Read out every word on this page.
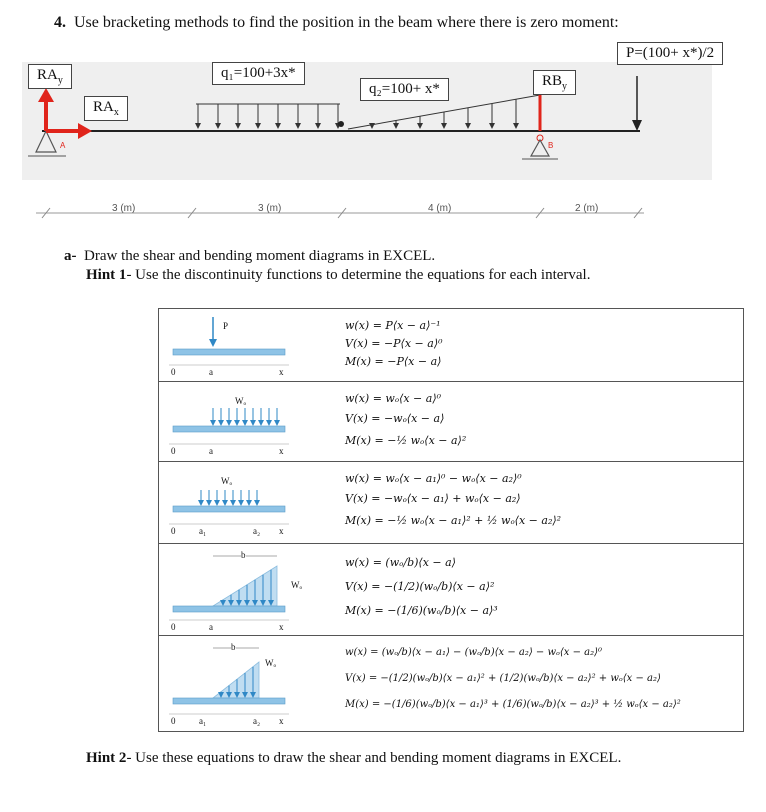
4. Use bracketing methods to find the position in the beam where there is zero moment:
A	B
3 (m)	3 (m)	4 (m)	2 (m)
$RA_y$
$RA_x$
q₁=100+3x*
q₂=100+ x*	$RB_y$
P=(100+ x*)/2
a- Draw the shear and bending moment diagrams in EXCEL.
Hint 1- Use the discontinuity functions to determine the equations for each interval.
P
0	a	x
w(x) = P⟨x − a⟩⁻¹
V(x) = −P⟨x − a⟩⁰
M(x) = −P⟨x − a⟩
Wₒ
0	a	x
w(x) = wₒ⟨x − a⟩⁰
V(x) = −wₒ⟨x − a⟩
M(x) = −½ wₒ⟨x − a⟩²
Wₒ
0	a₁	a₂ x
w(x) = wₒ⟨x − a₁⟩⁰ − wₒ⟨x − a₂⟩⁰
V(x) = −wₒ⟨x − a₁⟩ + wₒ⟨x − a₂⟩
M(x) = −½ wₒ⟨x − a₁⟩² + ½ wₒ⟨x − a₂⟩²
b
Wₒ
0	a	x
w(x) = (wₒ/b)⟨x − a⟩
V(x) = −(1/2)(wₒ/b)⟨x − a⟩²
M(x) = −(1/6)(wₒ/b)⟨x − a⟩³
b
Wₒ
0	a₁	a₂ x
w(x) = (wₒ/b)⟨x − a₁⟩ − (wₒ/b)⟨x − a₂⟩ − wₒ⟨x − a₂⟩⁰
V(x) = −(1/2)(wₒ/b)⟨x − a₁⟩² + (1/2)(wₒ/b)⟨x − a₂⟩² + wₒ⟨x − a₂⟩
M(x) = −(1/6)(wₒ/b)⟨x − a₁⟩³ + (1/6)(wₒ/b)⟨x − a₂⟩³ + ½ wₒ⟨x − a₂⟩²
Hint 2- Use these equations to draw the shear and bending moment diagrams in EXCEL.
